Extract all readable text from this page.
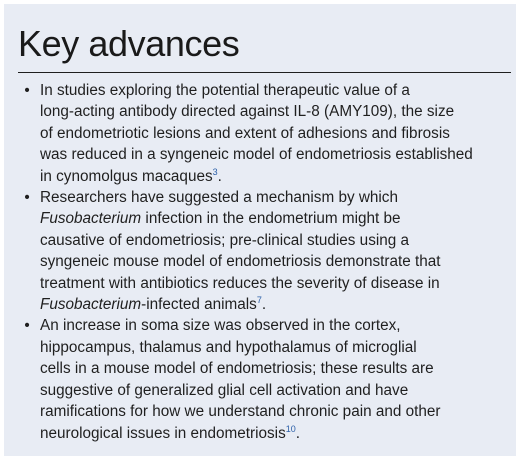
Key advances
• In studies exploring the potential therapeutic value of a
long-acting antibody directed against IL-8 (AMY109), the size
of endometriotic lesions and extent of adhesions and fibrosis
was reduced in a syngeneic model of endometriosis established
in cynomolgus macaques$^3$.
• Researchers have suggested a mechanism by which
Fusobacterium infection in the endometrium might be
causative of endometriosis; pre-clinical studies using a
syngeneic mouse model of endometriosis demonstrate that
treatment with antibiotics reduces the severity of disease in
Fusobacterium-infected animals$^7$.
• An increase in soma size was observed in the cortex,
hippocampus, thalamus and hypothalamus of microglial
cells in a mouse model of endometriosis; these results are
suggestive of generalized glial cell activation and have
ramifications for how we understand chronic pain and other
neurological issues in endometriosis$^{10}$.
